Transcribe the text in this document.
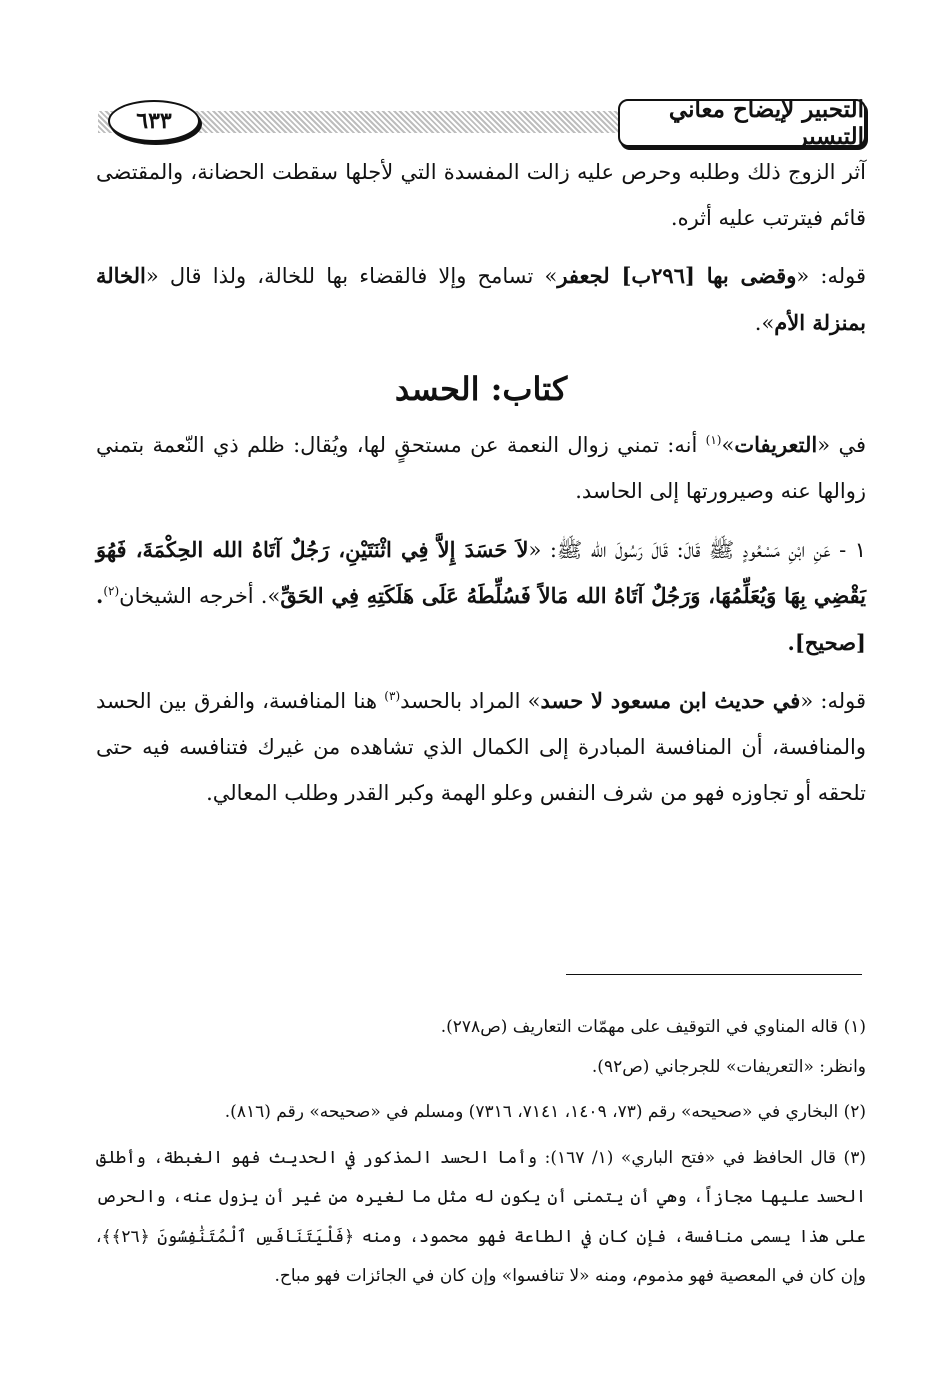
٦٣٣	التحبير لإيضاح معاني التيسير

آثر الزوج ذلك وطلبه وحرص عليه زالت المفسدة التي لأجلها سقطت الحضانة، والمقتضى قائم فيترتب عليه أثره.

قوله: «وقضى بها [٢٩٦ب] لجعفر» تسامح وإلا فالقضاء بها للخالة، ولذا قال «الخالة بمنزلة الأم».

كتاب: الحسد

في «التعريفات»$^{(١)}$ أنه: تمني زوال النعمة عن مستحقٍ لها، ويُقال: ظلم ذي النّعمة بتمني زوالها عنه وصيرورتها إلى الحاسد.

١ - عَنِ ابْنِ مَسْعُودٍ ﷺ قَالَ: قَالَ رَسُولَ الله ﷺ: «لاَ حَسَدَ إِلاَّ فِي اثْنَتَيْنِ، رَجُلٌ آتَاهُ الله الحِكْمَةَ، فَهُوَ يَقْضِي بِهَا وَيُعَلِّمُهَا، وَرَجُلٌ آتَاهُ الله مَالاً فَسُلِّطَهُ عَلَى هَلَكَتِهِ فِي الحَقِّ». أخرجه الشيخان$^{(٢)}$. [صحيح].

قوله: «في حديث ابن مسعود لا حسد» المراد بالحسد$^{(٣)}$ هنا المنافسة، والفرق بين الحسد والمنافسة، أن المنافسة المبادرة إلى الكمال الذي تشاهده من غيرك فتنافسه فيه حتى تلحقه أو تجاوزه فهو من شرف النفس وعلو الهمة وكبر القدر وطلب المعالي.

(١) قاله المناوي في التوقيف على مهمّات التعاريف (ص٢٧٨).

وانظر: «التعريفات» للجرجاني (ص٩٢).

(٢) البخاري في «صحيحه» رقم (٧٣، ١٤٠٩، ٧١٤١، ٧٣١٦) ومسلم في «صحيحه» رقم (٨١٦).

(٣) قال الحافظ في «فتح الباري» (١/ ١٦٧): وأما الحسد المذكور في الحديث فهو الغبطة، وأطلق الحسد عليها مجازاً، وهي أن يتمنى أن يكون له مثل ما لغيره من غير أن يزول عنه، والحرص على هذا يسمى منافسة، فإن كان في الطاعة فهو محمود، ومنه ﴿فَلْيَتَنَافَسِ ٱلْمُتَنَٰفِسُونَ ﴿٢٦﴾﴾، وإن كان في المعصية فهو مذموم، ومنه «لا تنافسوا» وإن كان في الجائزات فهو مباح.
